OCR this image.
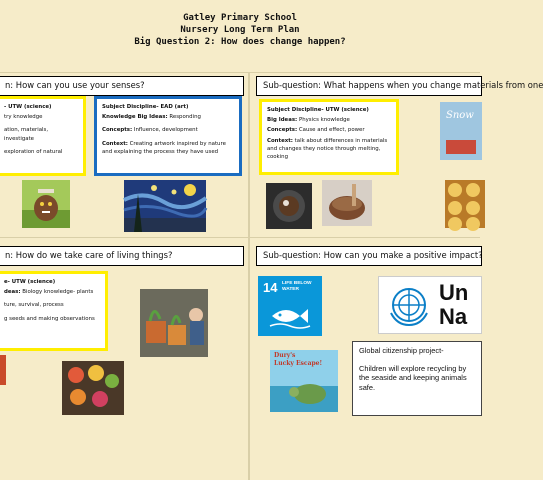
Gatley Primary School
Nursery Long Term Plan
Big Question 2: How does change happen?
n: How can you use your senses?

- UTW (science)

try knowledge

ation, materials, investigate

exploration of natural

Subject Discipline- EAD (art)

Knowledge Big Ideas: Responding

Concepts: Influence, development

Context: Creating artwork inspired by nature and explaining the process they have used

Sub-question: What happens when you change materials from one

Subject Discipline- UTW (science)

Big Ideas: Physics knowledge

Concepts: Cause and effect, power

Context: talk about differences in materials and changes they notice through melting, cooking

Snow
n: How do we take care of living things?

e- UTW (science)

deas: Biology knowledge- plants

ture, survival, process

g seeds and making observations

Sub-question: How can you make a positive impact?
14 LIFE BELOW
WATER	Un
Na
Dury's
Lucky Escape!

Global citizenship project-

Children will explore recycling by the seaside and keeping animals safe.
